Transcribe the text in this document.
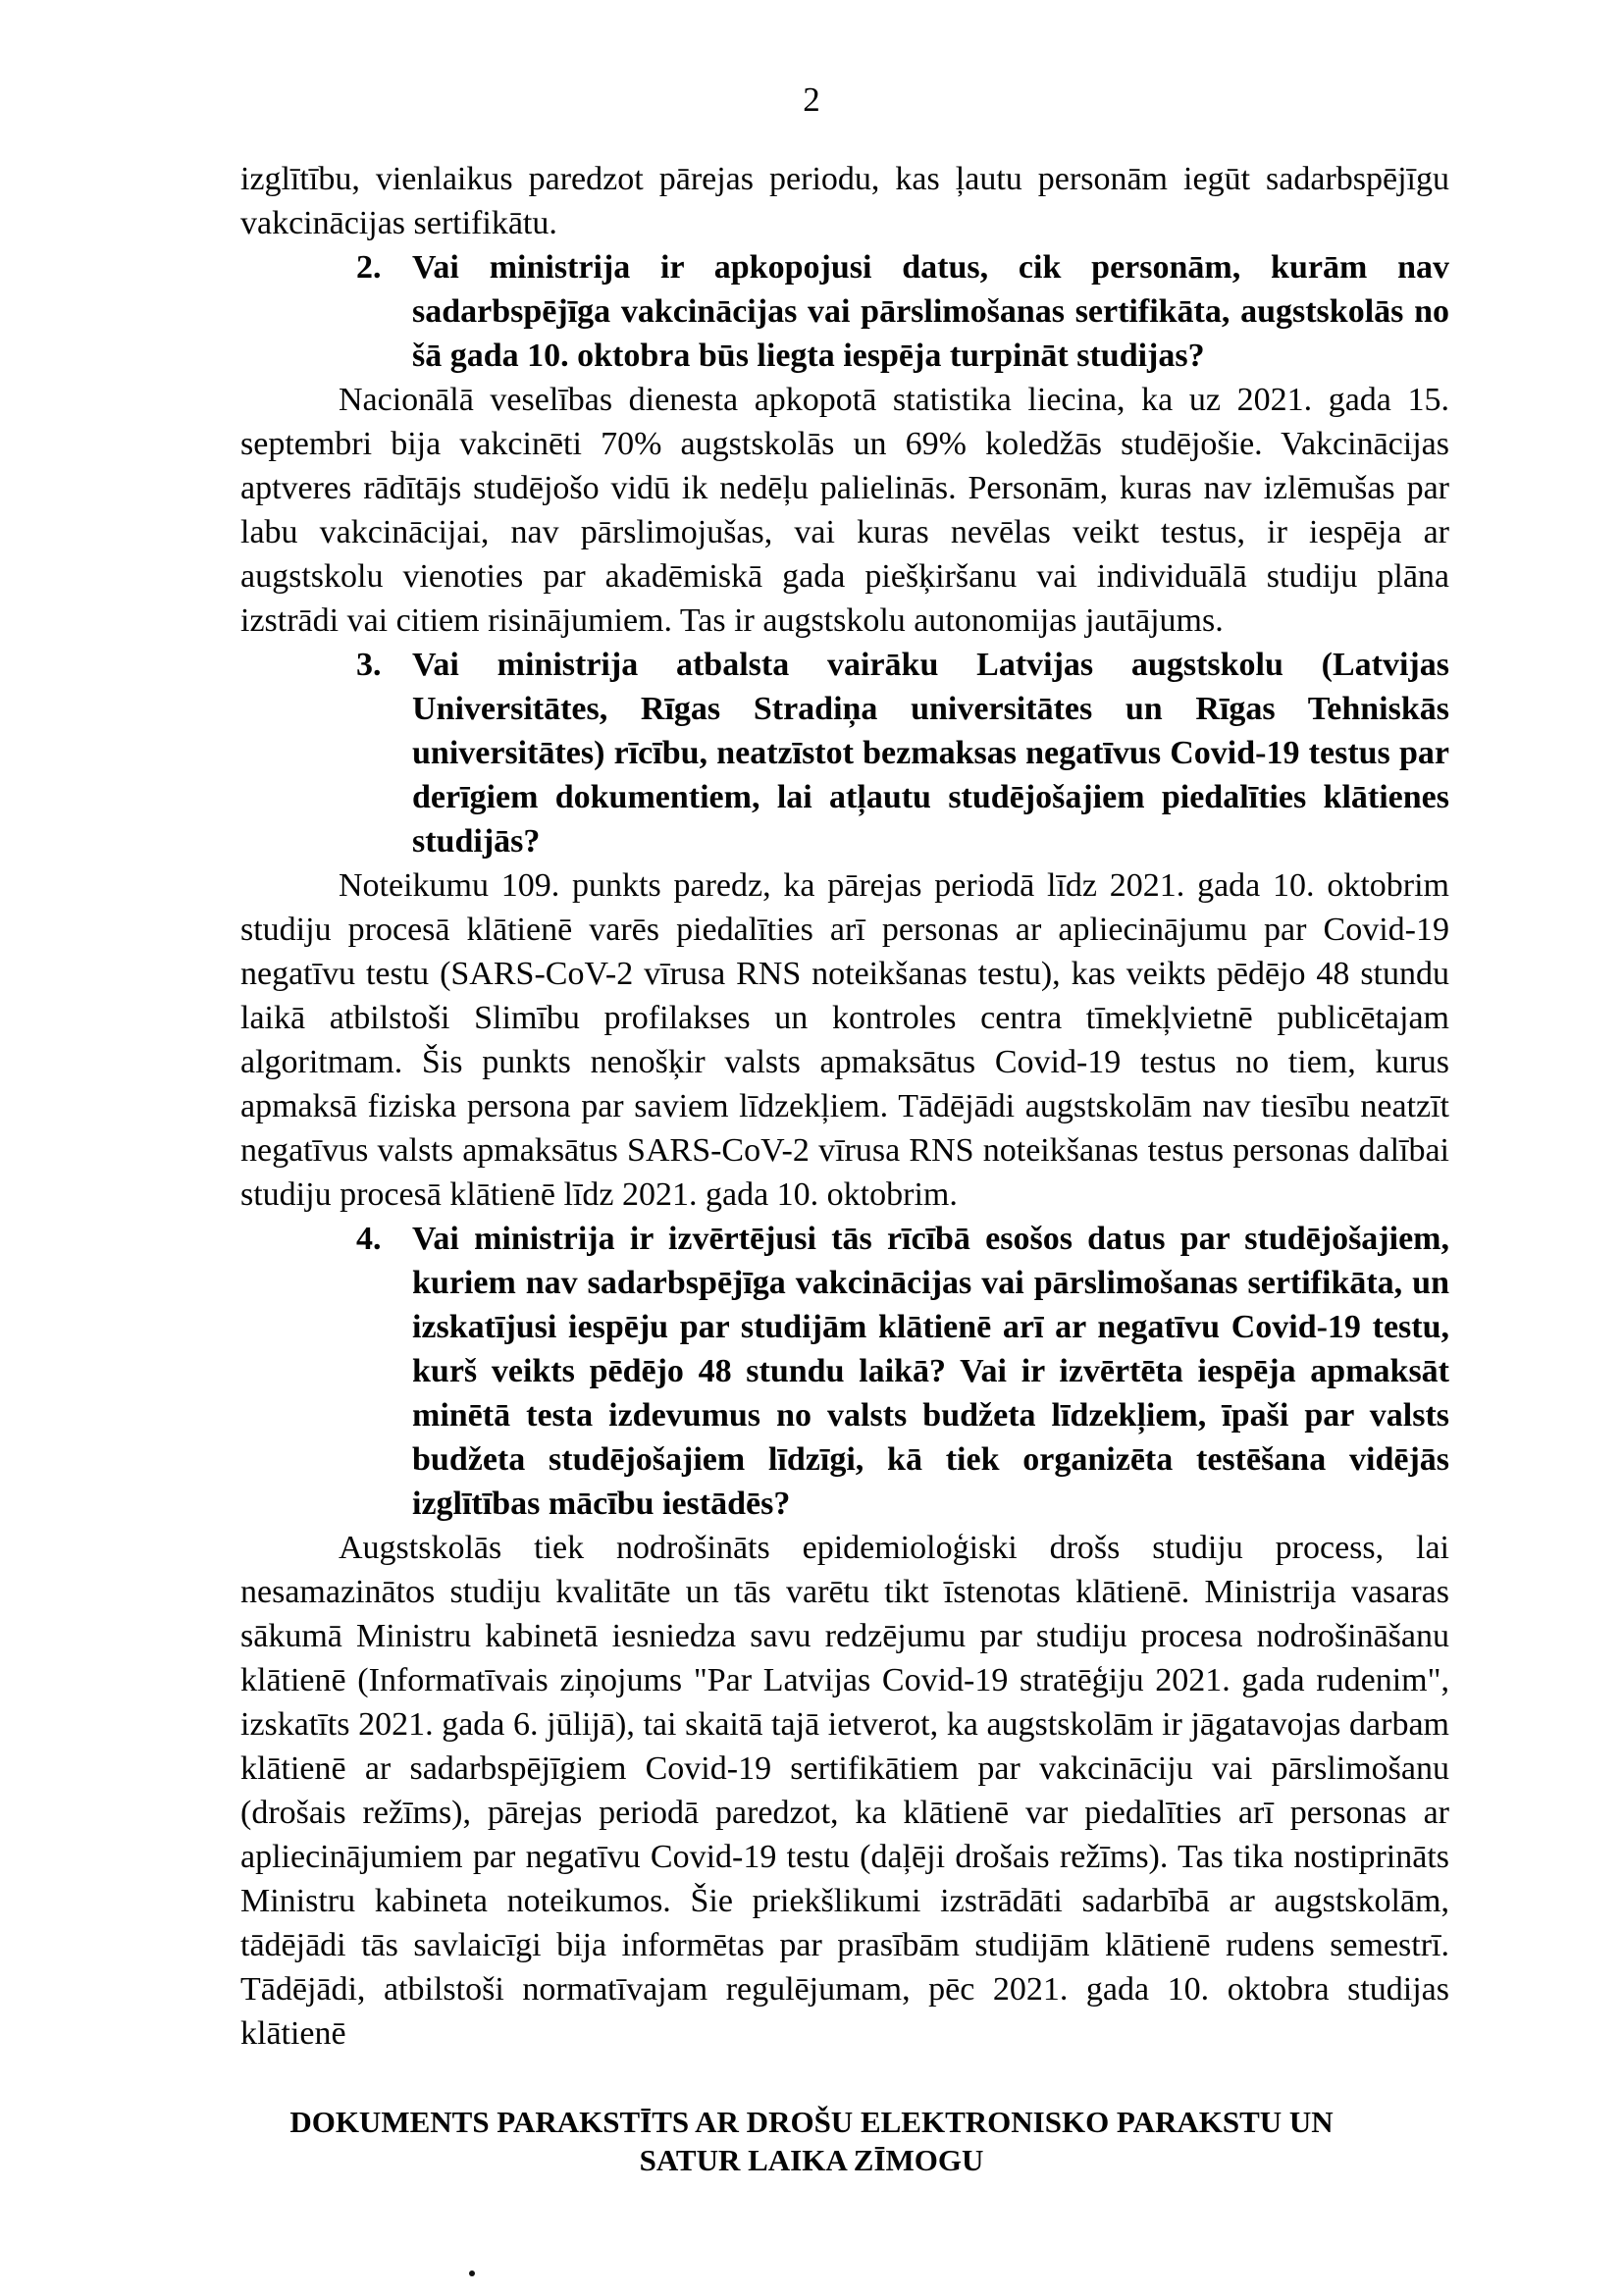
2

izglītību, vienlaikus paredzot pārejas periodu, kas ļautu personām iegūt sadarbspējīgu vakcinācijas sertifikātu.

2. Vai ministrija ir apkopojusi datus, cik personām, kurām nav sadarbspējīga vakcinācijas vai pārslimošanas sertifikāta, augstskolās no šā gada 10. oktobra būs liegta iespēja turpināt studijas?

Nacionālā veselības dienesta apkopotā statistika liecina, ka uz 2021. gada 15. septembri bija vakcinēti 70% augstskolās un 69% koledžās studējošie. Vakcinācijas aptveres rādītājs studējošo vidū ik nedēļu palielinās. Personām, kuras nav izlēmušas par labu vakcinācijai, nav pārslimojušas, vai kuras nevēlas veikt testus, ir iespēja ar augstskolu vienoties par akadēmiskā gada piešķiršanu vai individuālā studiju plāna izstrādi vai citiem risinājumiem. Tas ir augstskolu autonomijas jautājums.

3. Vai ministrija atbalsta vairāku Latvijas augstskolu (Latvijas Universitātes, Rīgas Stradiņa universitātes un Rīgas Tehniskās universitātes) rīcību, neatzīstot bezmaksas negatīvus Covid-19 testus par derīgiem dokumentiem, lai atļautu studējošajiem piedalīties klātienes studijās?

Noteikumu 109. punkts paredz, ka pārejas periodā līdz 2021. gada 10. oktobrim studiju procesā klātienē varēs piedalīties arī personas ar apliecinājumu par Covid-19 negatīvu testu (SARS-CoV-2 vīrusa RNS noteikšanas testu), kas veikts pēdējo 48 stundu laikā atbilstoši Slimību profilakses un kontroles centra tīmekļvietnē publicētajam algoritmam. Šis punkts nenošķir valsts apmaksātus Covid-19 testus no tiem, kurus apmaksā fiziska persona par saviem līdzekļiem. Tādējādi augstskolām nav tiesību neatzīt negatīvus valsts apmaksātus SARS-CoV-2 vīrusa RNS noteikšanas testus personas dalībai studiju procesā klātienē līdz 2021. gada 10. oktobrim.

4. Vai ministrija ir izvērtējusi tās rīcībā esošos datus par studējošajiem, kuriem nav sadarbspējīga vakcinācijas vai pārslimošanas sertifikāta, un izskatījusi iespēju par studijām klātienē arī ar negatīvu Covid-19 testu, kurš veikts pēdējo 48 stundu laikā? Vai ir izvērtēta iespēja apmaksāt minētā testa izdevumus no valsts budžeta līdzekļiem, īpaši par valsts budžeta studējošajiem līdzīgi, kā tiek organizēta testēšana vidējās izglītības mācību iestādēs?

Augstskolās tiek nodrošināts epidemioloģiski drošs studiju process, lai nesamazinātos studiju kvalitāte un tās varētu tikt īstenotas klātienē. Ministrija vasaras sākumā Ministru kabinetā iesniedza savu redzējumu par studiju procesa nodrošināšanu klātienē (Informatīvais ziņojums "Par Latvijas Covid-19 stratēģiju 2021. gada rudenim", izskatīts 2021. gada 6. jūlijā), tai skaitā tajā ietverot, ka augstskolām ir jāgatavojas darbam klātienē ar sadarbspējīgiem Covid-19 sertifikātiem par vakcināciju vai pārslimošanu (drošais režīms), pārejas periodā paredzot, ka klātienē var piedalīties arī personas ar apliecinājumiem par negatīvu Covid-19 testu (daļēji drošais režīms). Tas tika nostiprināts Ministru kabineta noteikumos. Šie priekšlikumi izstrādāti sadarbībā ar augstskolām, tādējādi tās savlaicīgi bija informētas par prasībām studijām klātienē rudens semestrī. Tādējādi, atbilstoši normatīvajam regulējumam, pēc 2021. gada 10. oktobra studijas klātienē

DOKUMENTS PARAKSTĪTS AR DROŠU ELEKTRONISKO PARAKSTU UN
SATUR LAIKA ZĪMOGU
